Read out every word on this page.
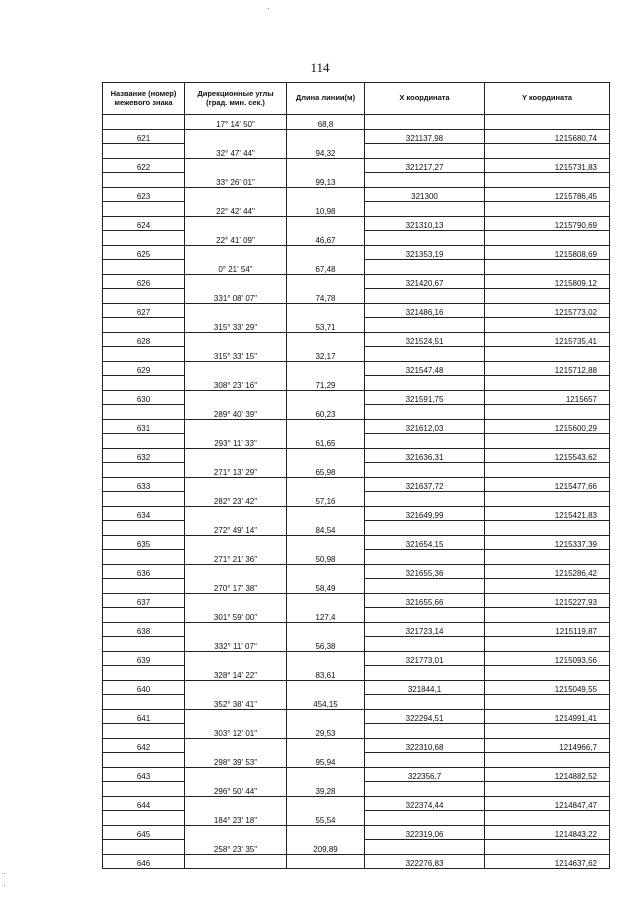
114
Название (номер) межевого знака	Дирекционные углы (град. мин. сек.)	Длина линии(м)	X координата	Y координата
	17° 14' 50"	68,8		
621			321137,98	1215680,74
	32° 47' 44"	94,32		
622			321217,27	1215731,83
	33° 26' 01"	99,13		
623			321300	1215786,45
	22° 42' 44"	10,98		
624			321310,13	1215790,69
	22° 41' 09"	46,67		
625			321353,19	1215808,69
	0° 21' 54"	67,48		
626			321420,67	1215809,12
	331° 08' 07"	74,78		
627			321486,16	1215773,02
	315° 33' 29"	53,71		
628			321524,51	1215735,41
	315° 33' 15"	32,17		
629			321547,48	1215712,88
	308° 23' 16"	71,29		
630			321591,75	1215657
	289° 40' 39"	60,23		
631			321612,03	1215600,29
	293° 11' 33"	61,65		
632			321636,31	1215543,62
	271° 13' 29"	65,98		
633			321637,72	1215477,66
	282° 23' 42"	57,16		
634			321649,99	1215421,83
	272° 49' 14"	84,54		
635			321654,15	1215337,39
	271° 21' 36"	50,98		
636			321655,36	1215286,42
	270° 17' 38"	58,49		
637			321655,66	1215227,93
	301° 59' 00"	127,4		
638			321723,14	1215119,87
	332° 11' 07"	56,38		
639			321773,01	1215093,56
	328° 14' 22"	83,61		
640			321844,1	1215049,55
	352° 38' 41"	454,15		
641			322294,51	1214991,41
	303° 12' 01"	29,53		
642			322310,68	1214966,7
	298° 39' 53"	95,94		
643			322356,7	1214882,52
	296° 50' 44"	39,28		
644			322374,44	1214847,47
	184° 23' 18"	55,54		
645			322319,06	1214843,22
	258° 23' 35"	209,89		
646			322276,83	1214637,62
